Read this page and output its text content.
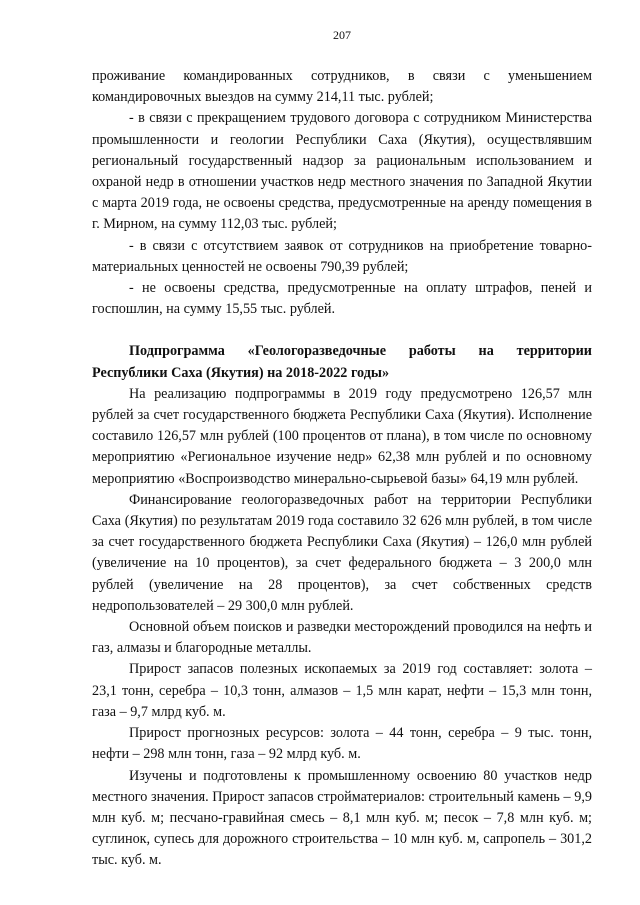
207

проживание командированных сотрудников, в связи с уменьшением командировочных выездов на сумму 214,11 тыс. рублей;

- в связи с прекращением трудового договора с сотрудником Министерства промышленности и геологии Республики Саха (Якутия), осуществлявшим региональный государственный надзор за рациональным использованием и охраной недр в отношении участков недр местного значения по Западной Якутии с марта 2019 года, не освоены средства, предусмотренные на аренду помещения в г. Мирном, на сумму 112,03 тыс. рублей;

- в связи с отсутствием заявок от сотрудников на приобретение товарно-материальных ценностей не освоены 790,39 рублей;

- не освоены средства, предусмотренные на оплату штрафов, пеней и госпошлин, на сумму 15,55 тыс. рублей.

Подпрограмма «Геологоразведочные работы на территории Республики Саха (Якутия) на 2018-2022 годы»

На реализацию подпрограммы в 2019 году предусмотрено 126,57 млн рублей за счет государственного бюджета Республики Саха (Якутия). Исполнение составило 126,57 млн рублей (100 процентов от плана), в том числе по основному мероприятию «Региональное изучение недр» 62,38 млн рублей и по основному мероприятию «Воспроизводство минерально-сырьевой базы» 64,19 млн рублей.

Финансирование геологоразведочных работ на территории Республики Саха (Якутия) по результатам 2019 года составило 32 626 млн рублей, в том числе за счет государственного бюджета Республики Саха (Якутия) – 126,0 млн рублей (увеличение на 10 процентов), за счет федерального бюджета – 3 200,0 млн рублей (увеличение на 28 процентов), за счет собственных средств недропользователей – 29 300,0 млн рублей.

Основной объем поисков и разведки месторождений проводился на нефть и газ, алмазы и благородные металлы.

Прирост запасов полезных ископаемых за 2019 год составляет: золота – 23,1 тонн, серебра – 10,3 тонн, алмазов – 1,5 млн карат, нефти – 15,3 млн тонн, газа – 9,7 млрд куб. м.

Прирост прогнозных ресурсов: золота – 44 тонн, серебра – 9 тыс. тонн, нефти – 298 млн тонн, газа – 92 млрд куб. м.

Изучены и подготовлены к промышленному освоению 80 участков недр местного значения. Прирост запасов стройматериалов: строительный камень – 9,9 млн куб. м; песчано-гравийная смесь – 8,1 млн куб. м; песок – 7,8 млн куб. м; суглинок, супесь для дорожного строительства – 10 млн куб. м, сапропель – 301,2 тыс. куб. м.
